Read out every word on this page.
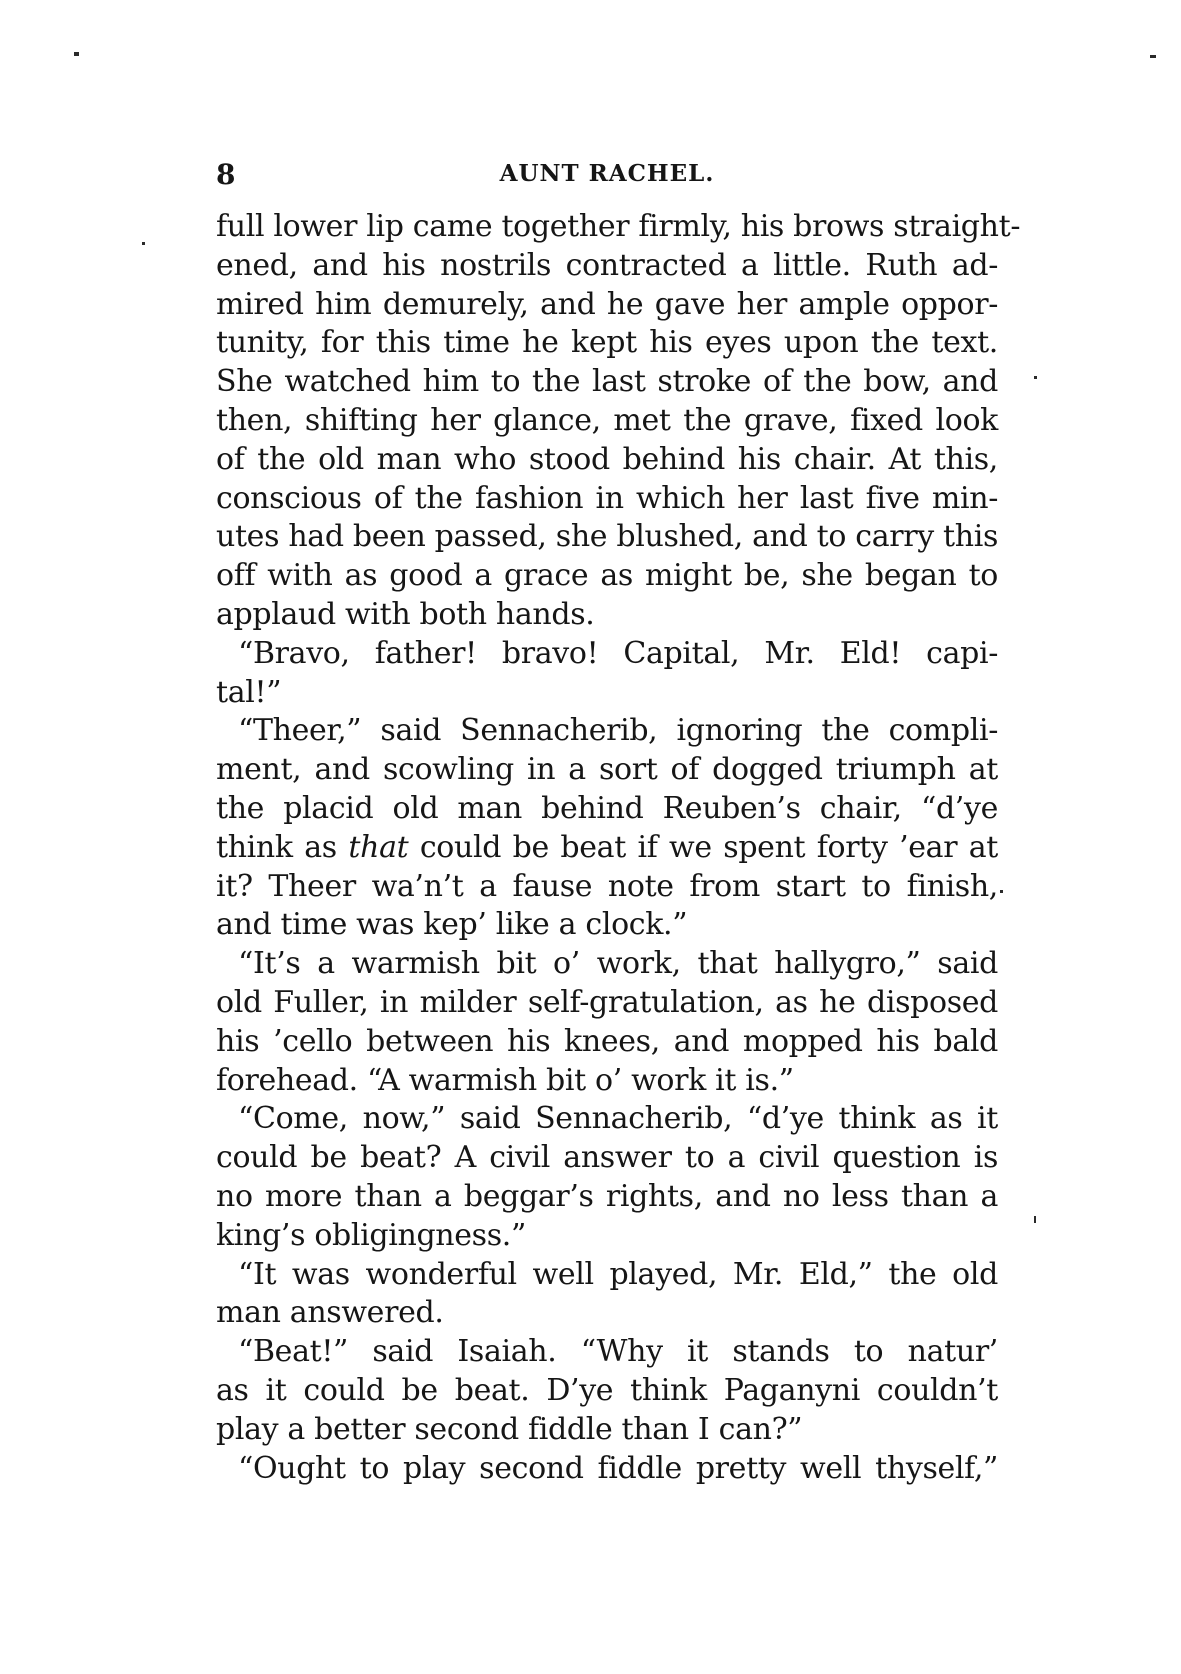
8	AUNT RACHEL.
full lower lip came together firmly, his brows straight-
ened, and his nostrils contracted a little. Ruth ad-
mired him demurely, and he gave her ample oppor-
tunity, for this time he kept his eyes upon the text.
She watched him to the last stroke of the bow, and
then, shifting her glance, met the grave, fixed look
of the old man who stood behind his chair. At this,
conscious of the fashion in which her last five min-
utes had been passed, she blushed, and to carry this
off with as good a grace as might be, she began to
applaud with both hands.
“Bravo, father! bravo! Capital, Mr. Eld! capi-
tal!”
“Theer,” said Sennacherib, ignoring the compli-
ment, and scowling in a sort of dogged triumph at
the placid old man behind Reuben’s chair, “d’ye
think as that could be beat if we spent forty ’ear at
it? Theer wa’n’t a fause note from start to finish,
and time was kep’ like a clock.”
“It’s a warmish bit o’ work, that hallygro,” said
old Fuller, in milder self-gratulation, as he disposed
his ’cello between his knees, and mopped his bald
forehead. “A warmish bit o’ work it is.”
“Come, now,” said Sennacherib, “d’ye think as it
could be beat? A civil answer to a civil question is
no more than a beggar’s rights, and no less than a
king’s obligingness.”
“It was wonderful well played, Mr. Eld,” the old
man answered.
“Beat!” said Isaiah. “Why it stands to natur’
as it could be beat. D’ye think Paganyni couldn’t
play a better second fiddle than I can?”
“Ought to play second fiddle pretty well thyself,”
